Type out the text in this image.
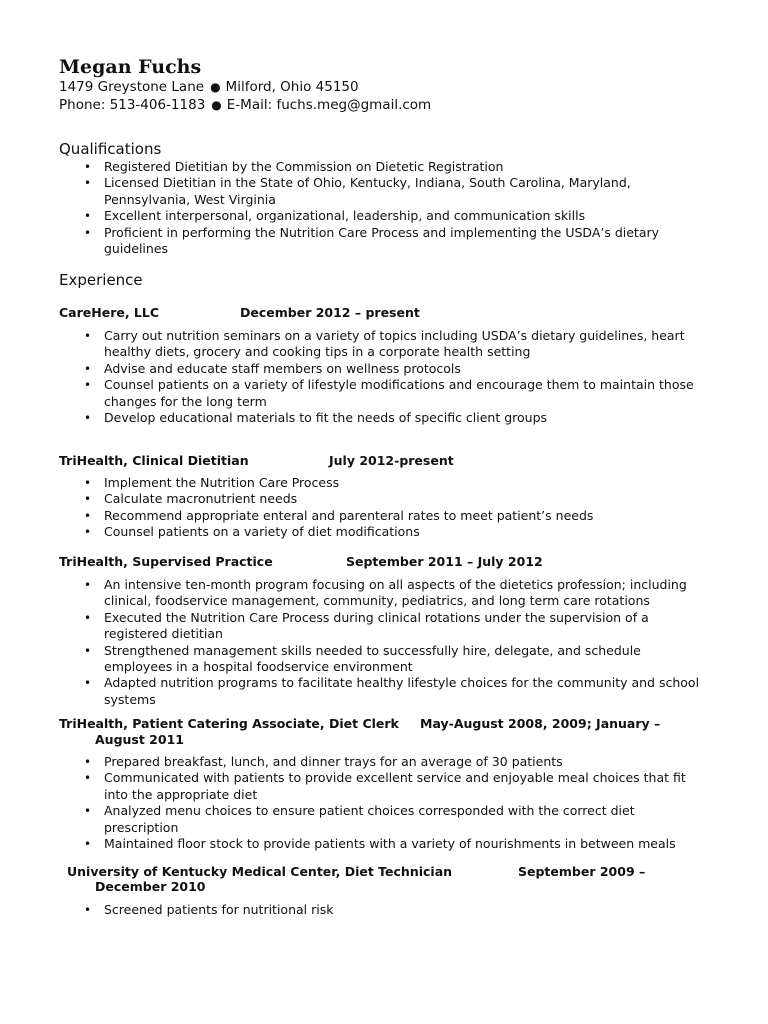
Megan Fuchs
1479 Greystone Lane ● Milford, Ohio 45150
Phone: 513-406-1183 ● E-Mail: fuchs.meg@gmail.com
Qualifications
• Registered Dietitian by the Commission on Dietetic Registration
• Licensed Dietitian in the State of Ohio, Kentucky, Indiana, South Carolina, Maryland, Pennsylvania, West Virginia
• Excellent interpersonal, organizational, leadership, and communication skills
• Proficient in performing the Nutrition Care Process and implementing the USDA’s dietary guidelines
Experience
CareHere, LLC	December 2012 – present
• Carry out nutrition seminars on a variety of topics including USDA’s dietary guidelines, heart healthy diets, grocery and cooking tips in a corporate health setting
• Advise and educate staff members on wellness protocols
• Counsel patients on a variety of lifestyle modifications and encourage them to maintain those changes for the long term
• Develop educational materials to fit the needs of specific client groups
TriHealth, Clinical Dietitian	July 2012-present
• Implement the Nutrition Care Process
• Calculate macronutrient needs
• Recommend appropriate enteral and parenteral rates to meet patient’s needs
• Counsel patients on a variety of diet modifications
TriHealth, Supervised Practice	September 2011 – July 2012
• An intensive ten-month program focusing on all aspects of the dietetics profession; including clinical, foodservice management, community, pediatrics, and long term care rotations
• Executed the Nutrition Care Process during clinical rotations under the supervision of a registered dietitian
• Strengthened management skills needed to successfully hire, delegate, and schedule employees in a hospital foodservice environment
• Adapted nutrition programs to facilitate healthy lifestyle choices for the community and school systems
TriHealth, Patient Catering Associate, Diet Clerk May-August 2008, 2009; January –
August 2011
• Prepared breakfast, lunch, and dinner trays for an average of 30 patients
• Communicated with patients to provide excellent service and enjoyable meal choices that fit into the appropriate diet
• Analyzed menu choices to ensure patient choices corresponded with the correct diet prescription
• Maintained floor stock to provide patients with a variety of nourishments in between meals
University of Kentucky Medical Center, Diet Technician	September 2009 –
December 2010
• Screened patients for nutritional risk
